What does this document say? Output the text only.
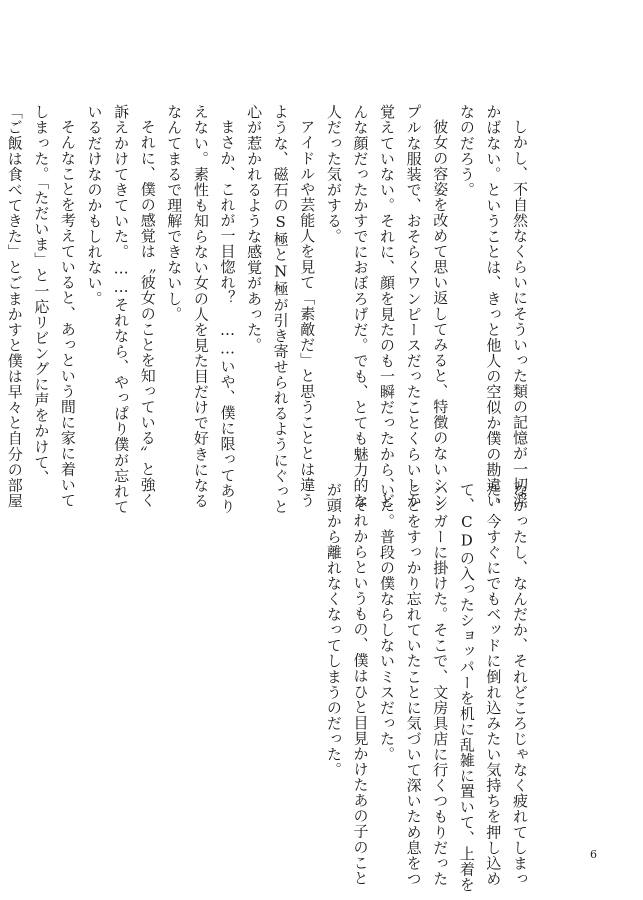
しかし、不自然なくらいにそういった類の記憶が一切浮
かばない。ということは、きっと他人の空似か僕の勘違い
なのだろう。
彼女の容姿を改めて思い返してみると、特徴のないシン
プルな服装で、おそらくワンピースだったことくらいしか
覚えていない。それに、顔を見たのも一瞬だったから、ど
んな顔だったかすでにおぼろげだ。でも、とても魅力的な
人だった気がする。
アイドルや芸能人を見て「素敵だ」と思うこととは違う
ような、磁石のS極とN極が引き寄せられるようにぐっと
心が惹かれるような感覚があった。
まさか、これが一目惚れ？　……いや、僕に限ってあり
えない。素性も知らない女の人を見た目だけで好きになる
なんてまるで理解できないし。
それに、僕の感覚は〝彼女のことを知っている〟と強く
訴えかけてきていた。……それなら、やっぱり僕が忘れて
いるだけなのかもしれない。
そんなことを考えていると、あっという間に家に着いて
しまった。「ただいま」と一応リビングに声をかけて、
「ご飯は食べてきた」とごまかすと僕は早々と自分の部屋
なかったし、なんだか、それどころじゃなく疲れてしまっ
た。今すぐにでもベッドに倒れ込みたい気持ちを押し込め
て、CDの入ったショッパーを机に乱雑に置いて、上着を
ハンガーに掛けた。そこで、文房具店に行くつもりだった
ことをすっかり忘れていたことに気づいて深いため息をつ
いた。普段の僕ならしないミスだった。
それからというもの、僕はひと目見かけたあの子のこと
が頭から離れなくなってしまうのだった。
6
